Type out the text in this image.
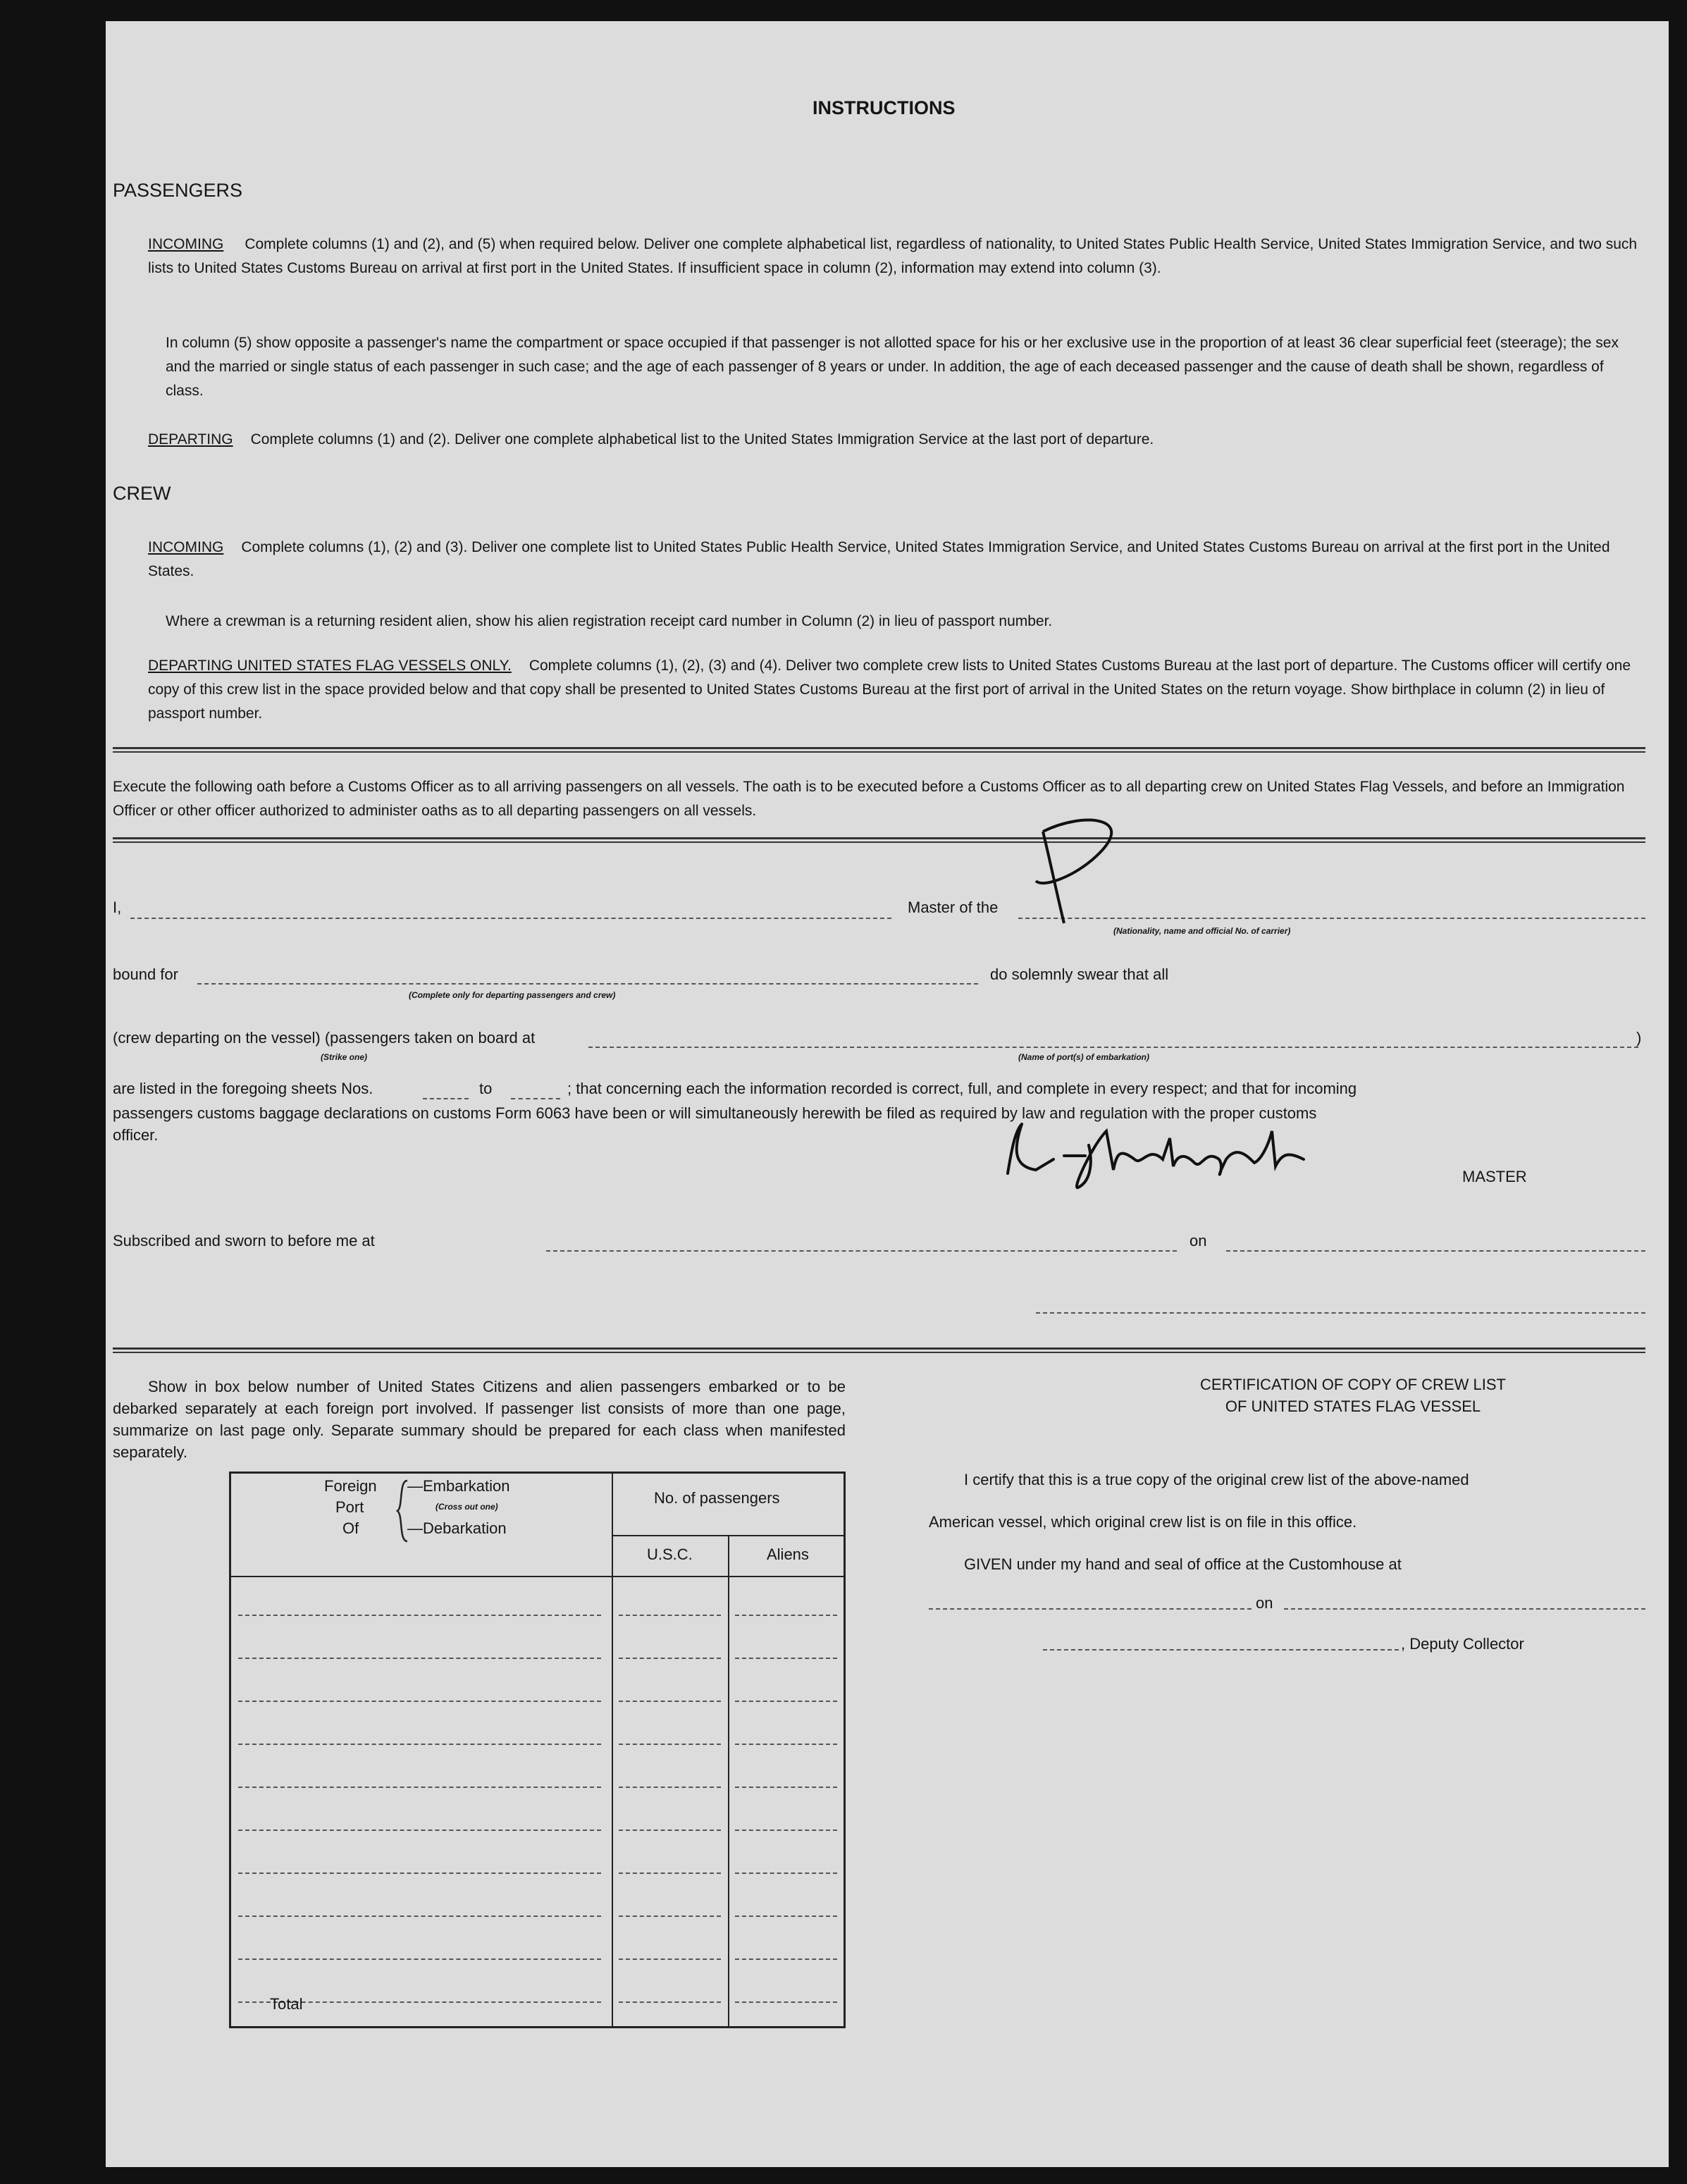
INSTRUCTIONS
PASSENGERS
INCOMING Complete columns (1) and (2), and (5) when required below. Deliver one complete alphabetical list, regardless of nationality, to United States Public Health Service, United States Immigration Service, and two such lists to United States Customs Bureau on arrival at first port in the United States. If insufficient space in column (2), information may extend into column (3).
In column (5) show opposite a passenger's name the compartment or space occupied if that passenger is not allotted space for his or her exclusive use in the proportion of at least 36 clear superficial feet (steerage); the sex and the married or single status of each passenger in such case; and the age of each passenger of 8 years or under. In addition, the age of each deceased passenger and the cause of death shall be shown, regardless of class.
DEPARTING Complete columns (1) and (2). Deliver one complete alphabetical list to the United States Immigration Service at the last port of departure.
CREW
INCOMING Complete columns (1), (2) and (3). Deliver one complete list to United States Public Health Service, United States Immigration Service, and United States Customs Bureau on arrival at the first port in the United States.
Where a crewman is a returning resident alien, show his alien registration receipt card number in Column (2) in lieu of passport number.
DEPARTING UNITED STATES FLAG VESSELS ONLY. Complete columns (1), (2), (3) and (4). Deliver two complete crew lists to United States Customs Bureau at the last port of departure. The Customs officer will certify one copy of this crew list in the space provided below and that copy shall be presented to United States Customs Bureau at the first port of arrival in the United States on the return voyage. Show birthplace in column (2) in lieu of passport number.
Execute the following oath before a Customs Officer as to all arriving passengers on all vessels. The oath is to be executed before a Customs Officer as to all departing crew on United States Flag Vessels, and before an Immigration Officer or other officer authorized to administer oaths as to all departing passengers on all vessels.
I,	Master of the
(Nationality, name and official No. of carrier)
bound for
(Complete only for departing passengers and crew)
do solemnly swear that all
(crew departing on the vessel) (passengers taken on board at	)
(Strike one)	(Name of port(s) of embarkation)
are listed in the foregoing sheets Nos.	to	; that concerning each the information recorded is correct, full, and complete in every respect; and that for incoming
passengers customs baggage declarations on customs Form 6063 have been or will simultaneously herewith be filed as required by law and regulation with the proper customs
officer.
MASTER
Subscribed and sworn to before me at	on
Show in box below number of United States Citizens and alien passengers embarked or to be debarked separately at each foreign port involved. If passenger list consists of more than one page, summarize on last page only. Separate summary should be prepared for each class when manifested separately.
Foreign
Port
Of
—Embarkation
(Cross out one)
—Debarkation
No. of passengers
U.S.C.	Aliens
Total
CERTIFICATION OF COPY OF CREW LIST
OF UNITED STATES FLAG VESSEL
I certify that this is a true copy of the original crew list of the above-named
American vessel, which original crew list is on file in this office.
GIVEN under my hand and seal of office at the Customhouse at
on
, Deputy Collector
